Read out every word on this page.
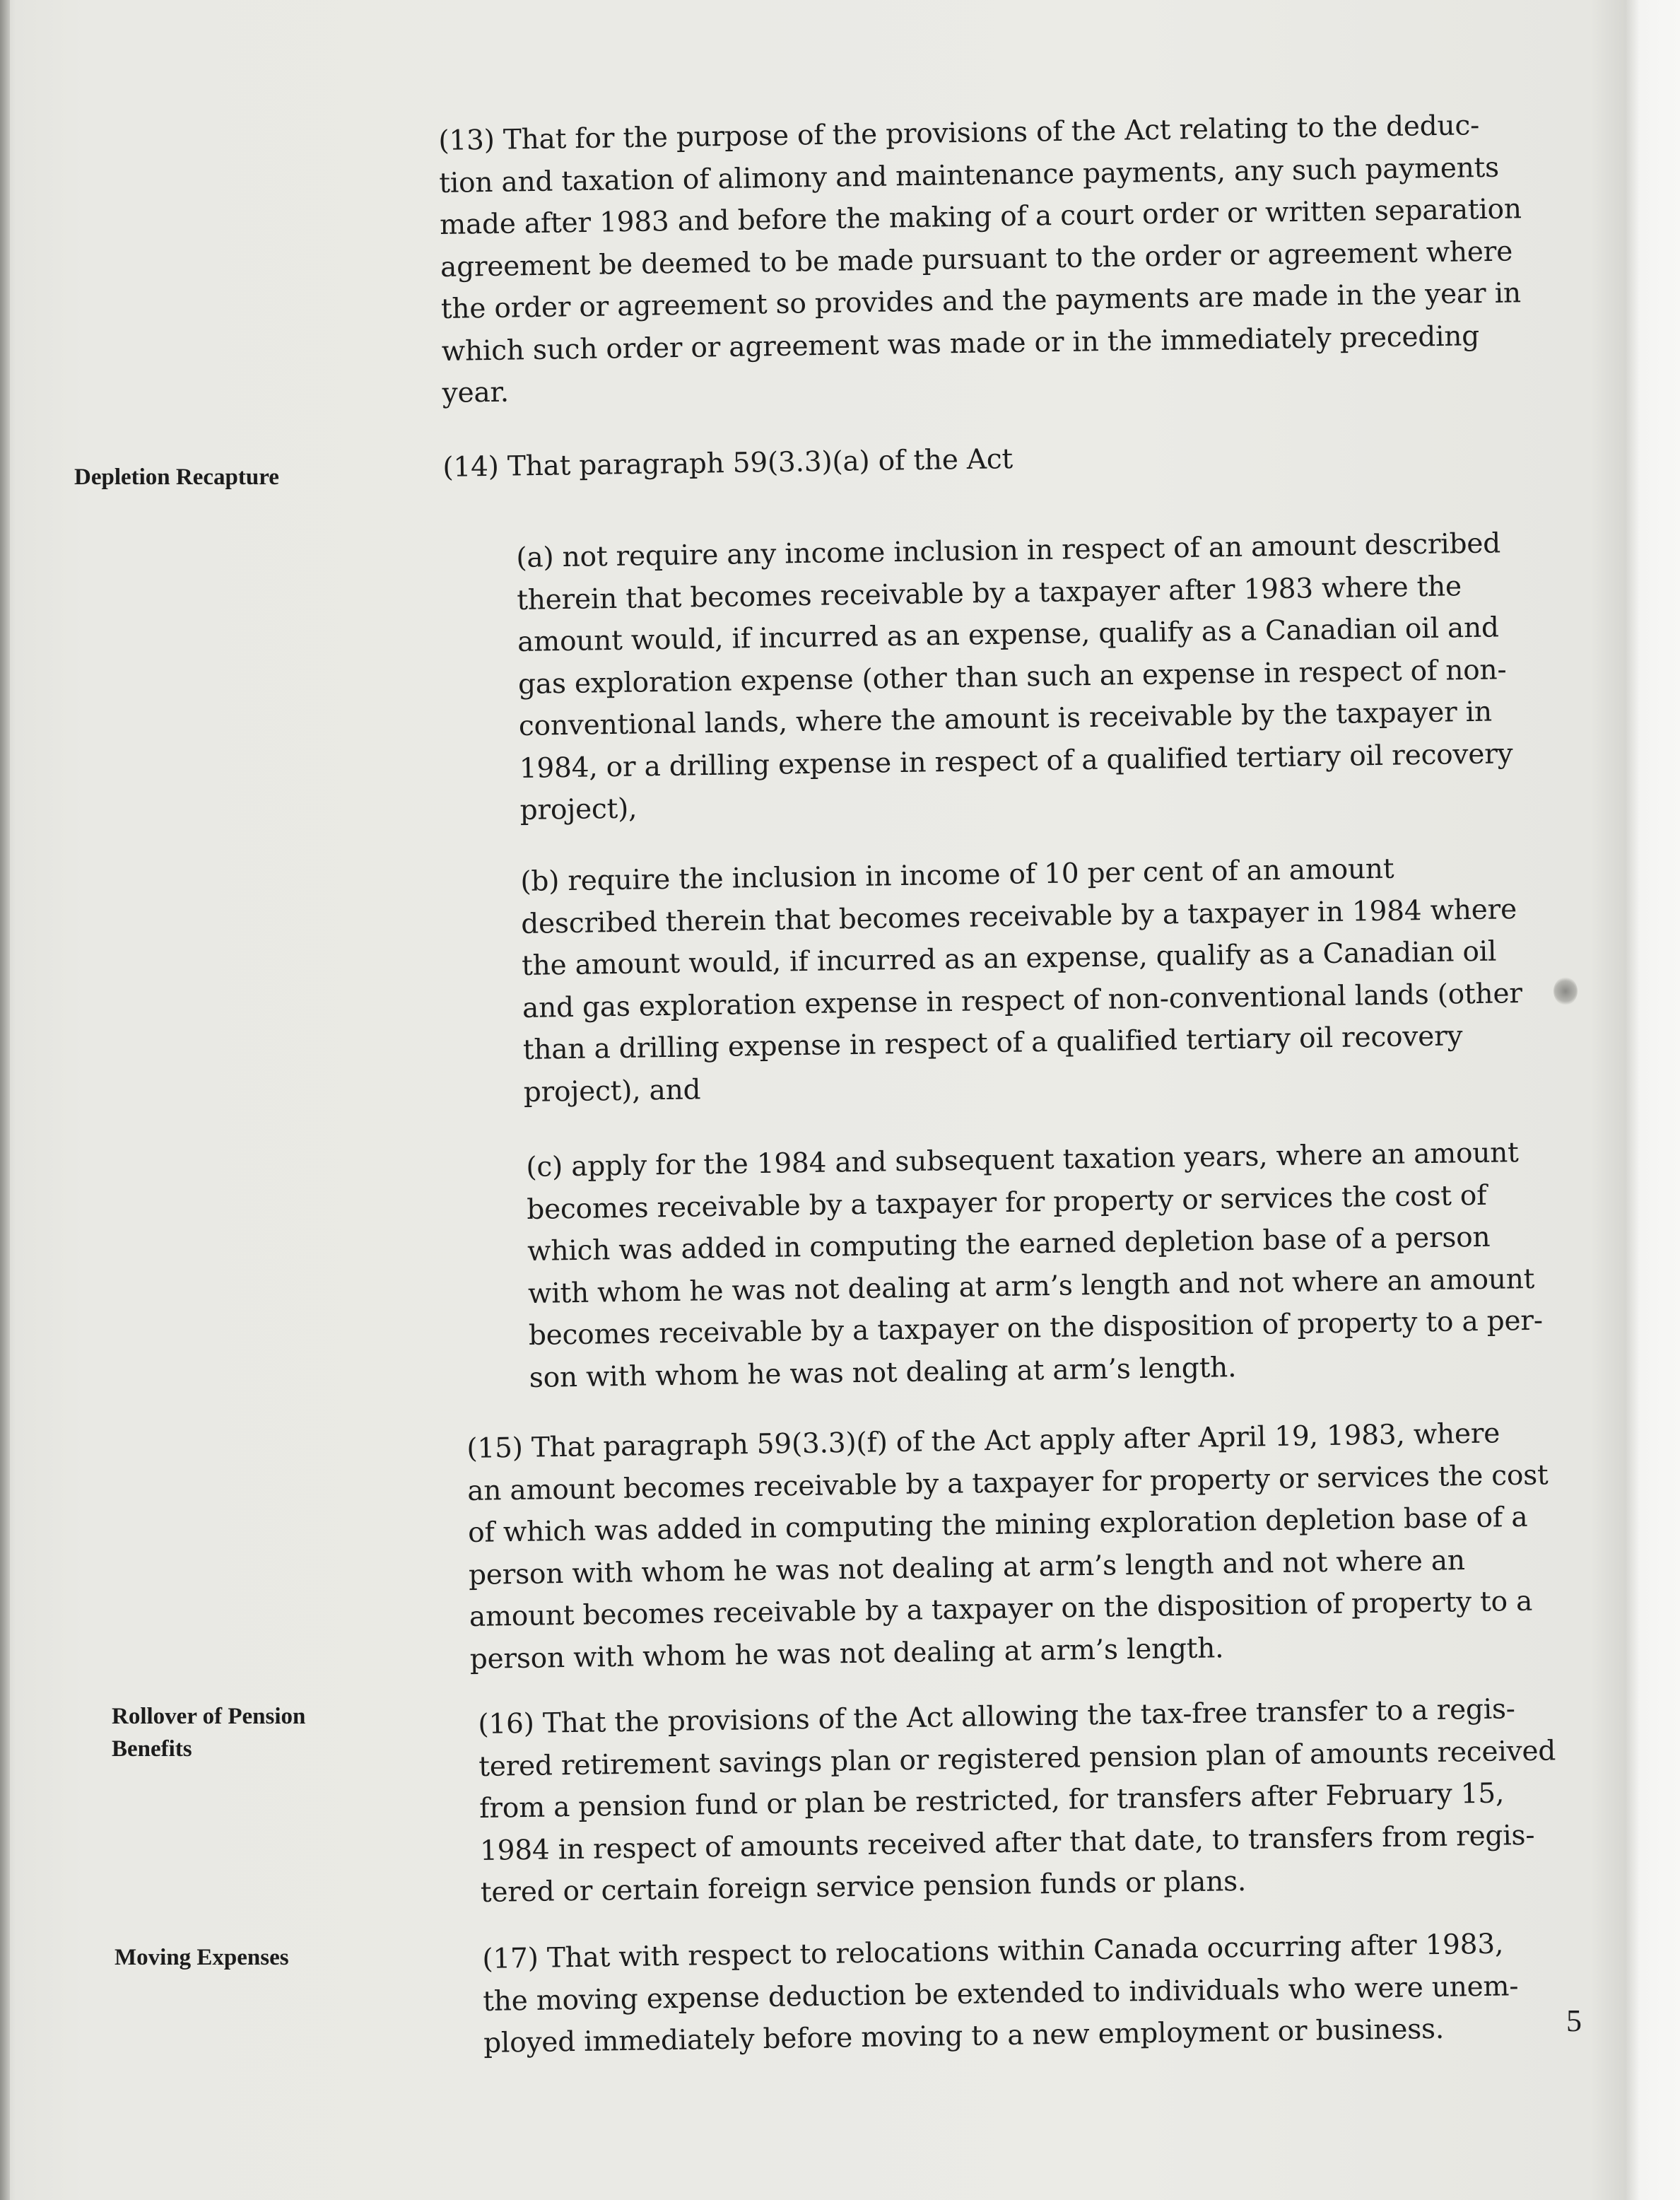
Depletion Recapture
Rollover of Pension
Benefits
Moving Expenses
(13) That for the purpose of the provisions of the Act relating to the deduc-
tion and taxation of alimony and maintenance payments, any such payments
made after 1983 and before the making of a court order or written separation
agreement be deemed to be made pursuant to the order or agreement where
the order or agreement so provides and the payments are made in the year in
which such order or agreement was made or in the immediately preceding
year.
(14) That paragraph 59(3.3)(a) of the Act
(a) not require any income inclusion in respect of an amount described
therein that becomes receivable by a taxpayer after 1983 where the
amount would, if incurred as an expense, qualify as a Canadian oil and
gas exploration expense (other than such an expense in respect of non-
conventional lands, where the amount is receivable by the taxpayer in
1984, or a drilling expense in respect of a qualified tertiary oil recovery
project),
(b) require the inclusion in income of 10 per cent of an amount
described therein that becomes receivable by a taxpayer in 1984 where
the amount would, if incurred as an expense, qualify as a Canadian oil
and gas exploration expense in respect of non-conventional lands (other
than a drilling expense in respect of a qualified tertiary oil recovery
project), and
(c) apply for the 1984 and subsequent taxation years, where an amount
becomes receivable by a taxpayer for property or services the cost of
which was added in computing the earned depletion base of a person
with whom he was not dealing at arm’s length and not where an amount
becomes receivable by a taxpayer on the disposition of property to a per-
son with whom he was not dealing at arm’s length.
(15) That paragraph 59(3.3)(f) of the Act apply after April 19, 1983, where
an amount becomes receivable by a taxpayer for property or services the cost
of which was added in computing the mining exploration depletion base of a
person with whom he was not dealing at arm’s length and not where an
amount becomes receivable by a taxpayer on the disposition of property to a
person with whom he was not dealing at arm’s length.
(16) That the provisions of the Act allowing the tax-free transfer to a regis-
tered retirement savings plan or registered pension plan of amounts received
from a pension fund or plan be restricted, for transfers after February 15,
1984 in respect of amounts received after that date, to transfers from regis-
tered or certain foreign service pension funds or plans.
(17) That with respect to relocations within Canada occurring after 1983,
the moving expense deduction be extended to individuals who were unem-
ployed immediately before moving to a new employment or business.	5
